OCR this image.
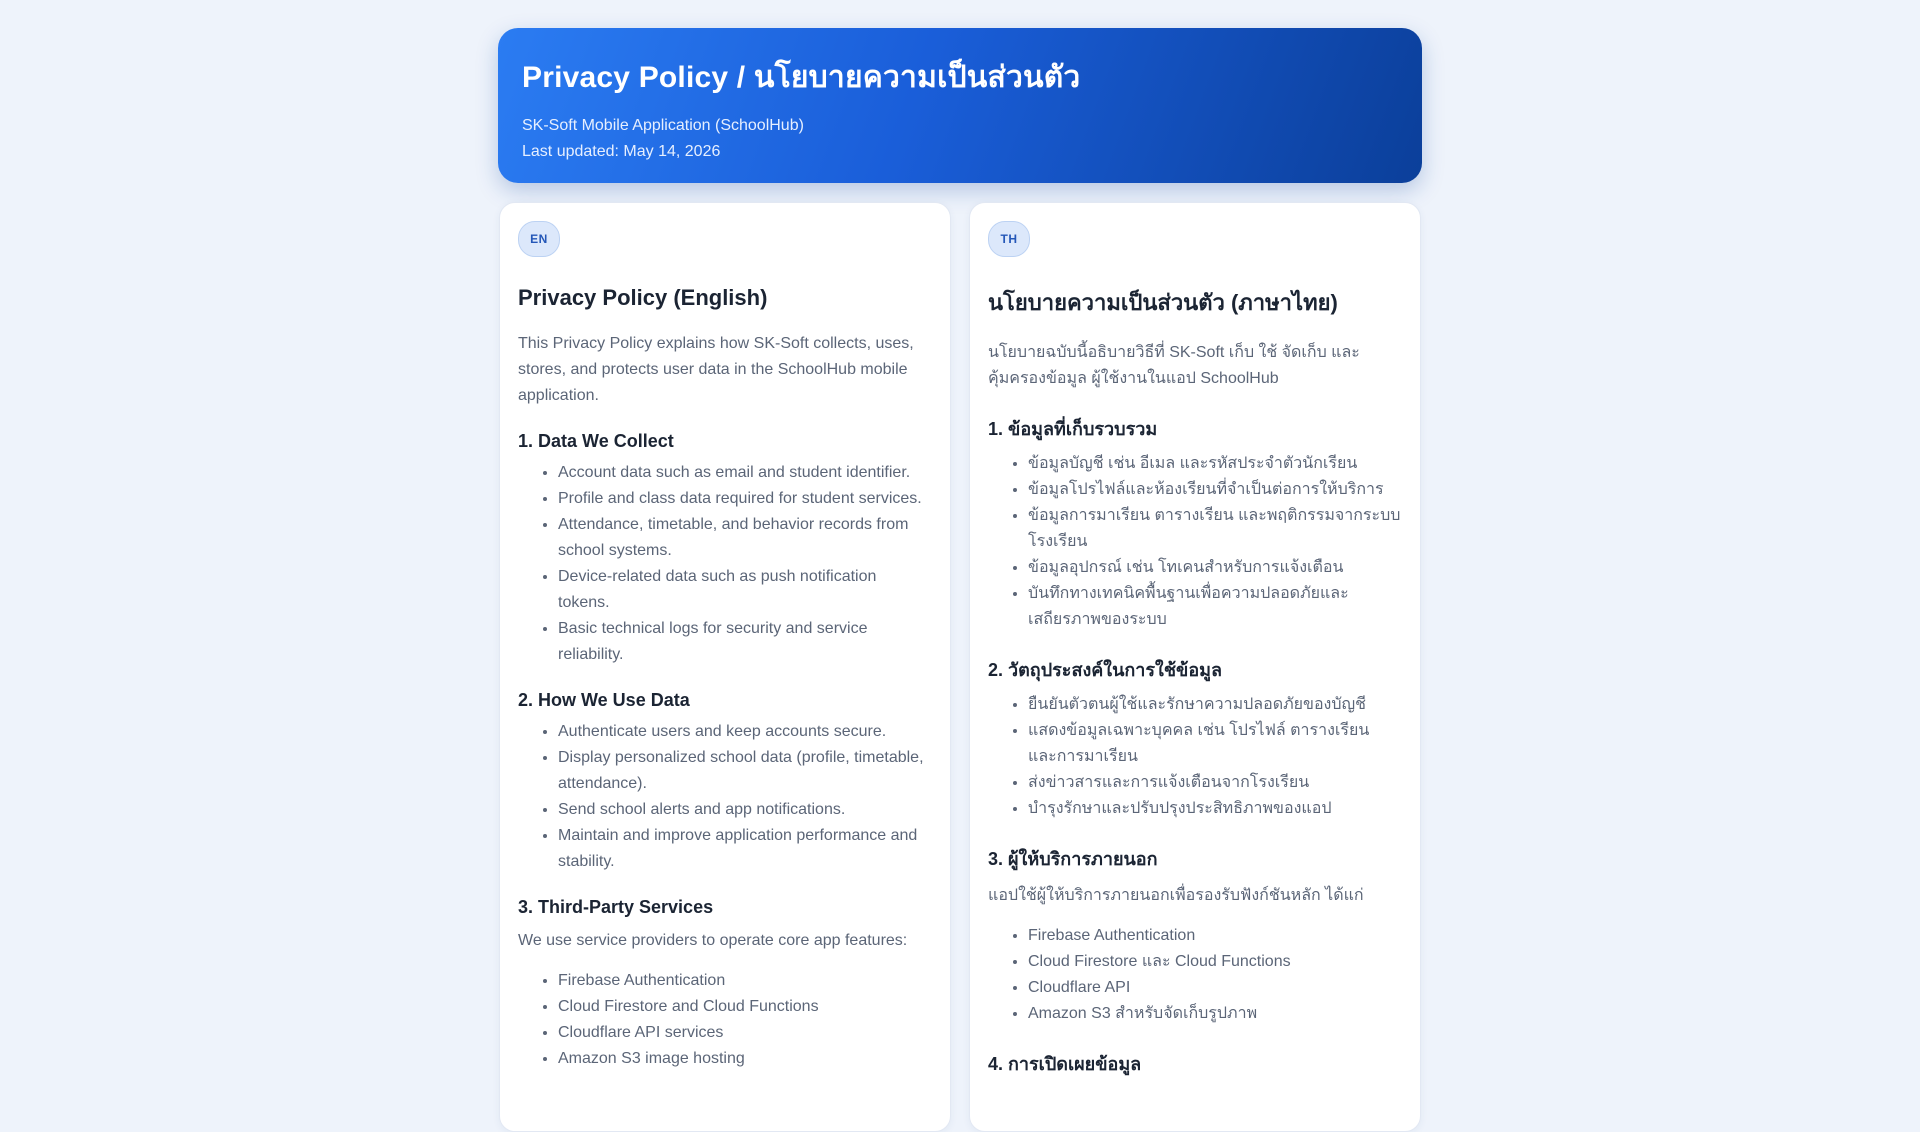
Privacy Policy / นโยบายความเป็นส่วนตัว

SK-Soft Mobile Application (SchoolHub)

Last updated: May 14, 2026

EN
Privacy Policy (English)

This Privacy Policy explains how SK-Soft collects, uses, stores, and protects user data in the SchoolHub mobile application.

1. Data We Collect
• Account data such as email and student identifier.
• Profile and class data required for student services.
• Attendance, timetable, and behavior records from school systems.
• Device-related data such as push notification tokens.
• Basic technical logs for security and service reliability.
2. How We Use Data
• Authenticate users and keep accounts secure.
• Display personalized school data (profile, timetable, attendance).
• Send school alerts and app notifications.
• Maintain and improve application performance and stability.
3. Third-Party Services

We use service providers to operate core app features:

• Firebase Authentication
• Cloud Firestore and Cloud Functions
• Cloudflare API services
• Amazon S3 image hosting
TH
นโยบายความเป็นส่วนตัว (ภาษาไทย)

นโยบายฉบับนี้อธิบายวิธีที่ SK-Soft เก็บ ใช้ จัดเก็บ และคุ้มครองข้อมูล ผู้ใช้งานในแอป SchoolHub

1. ข้อมูลที่เก็บรวบรวม
• ข้อมูลบัญชี เช่น อีเมล และรหัสประจำตัวนักเรียน
• ข้อมูลโปรไฟล์และห้องเรียนที่จำเป็นต่อการให้บริการ
• ข้อมูลการมาเรียน ตารางเรียน และพฤติกรรมจากระบบโรงเรียน
• ข้อมูลอุปกรณ์ เช่น โทเคนสำหรับการแจ้งเตือน
• บันทึกทางเทคนิคพื้นฐานเพื่อความปลอดภัยและเสถียรภาพของระบบ
2. วัตถุประสงค์ในการใช้ข้อมูล
• ยืนยันตัวตนผู้ใช้และรักษาความปลอดภัยของบัญชี
• แสดงข้อมูลเฉพาะบุคคล เช่น โปรไฟล์ ตารางเรียน และการมาเรียน
• ส่งข่าวสารและการแจ้งเตือนจากโรงเรียน
• บำรุงรักษาและปรับปรุงประสิทธิภาพของแอป
3. ผู้ให้บริการภายนอก

แอปใช้ผู้ให้บริการภายนอกเพื่อรองรับฟังก์ชันหลัก ได้แก่

• Firebase Authentication
• Cloud Firestore และ Cloud Functions
• Cloudflare API
• Amazon S3 สำหรับจัดเก็บรูปภาพ
4. การเปิดเผยข้อมูล
